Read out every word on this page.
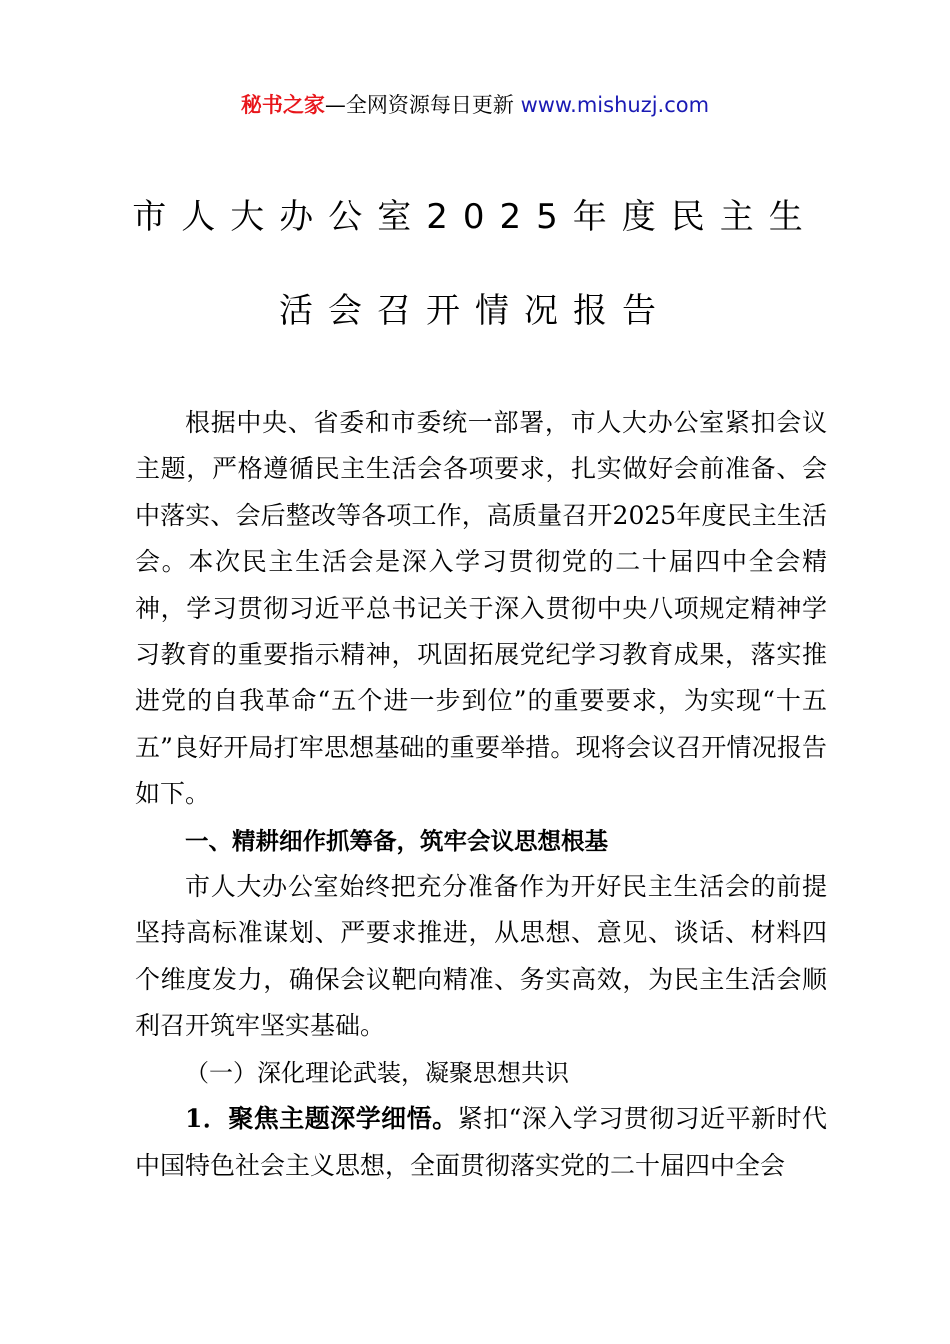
秘书之家—全网资源每日更新 www.mishuzj.com
市人大办公室2025年度民主生
活会召开情况报告

根据中央、省委和市委统一部署，市人大办公室紧扣会议主题，严格遵循民主生活会各项要求，扎实做好会前准备、会中落实、会后整改等各项工作，高质量召开2025年度民主生活会。本次民主生活会是深入学习贯彻党的二十届四中全会精神，学习贯彻习近平总书记关于深入贯彻中央八项规定精神学习教育的重要指示精神，巩固拓展党纪学习教育成果，落实推进党的自我革命“五个进一步到位”的重要要求，为实现“十五五”良好开局打牢思想基础的重要举措。现将会议召开情况报告如下。

一、精耕细作抓筹备，筑牢会议思想根基

市人大办公室始终把充分准备作为开好民主生活会的前提坚持高标准谋划、严要求推进，从思想、意见、谈话、材料四个维度发力，确保会议靶向精准、务实高效，为民主生活会顺利召开筑牢坚实基础。

（一）深化理论武装，凝聚思想共识

1．聚焦主题深学细悟。紧扣“深入学习贯彻习近平新时代中国特色社会主义思想，全面贯彻落实党的二十届四中全会
